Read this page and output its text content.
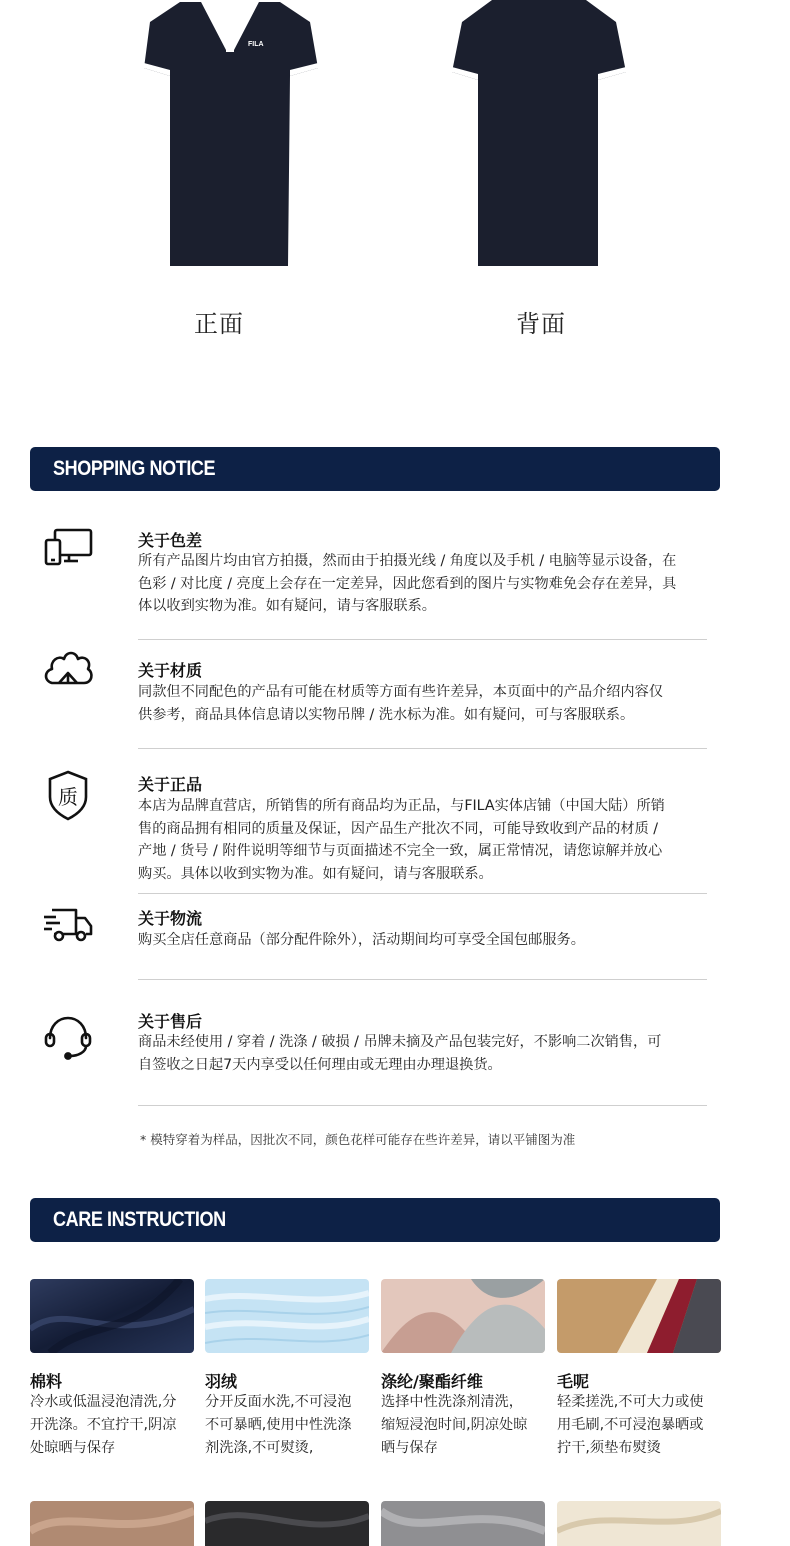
FILA
正面	背面
SHOPPING NOTICE
关于色差
所有产品图片均由官方拍摄，然而由于拍摄光线 / 角度以及手机 / 电脑等显示设备，在
色彩 / 对比度 / 亮度上会存在一定差异，因此您看到的图片与实物难免会存在差异，具
体以收到实物为准。如有疑问，请与客服联系。
关于材质
同款但不同配色的产品有可能在材质等方面有些许差异，本页面中的产品介绍内容仅
供参考，商品具体信息请以实物吊牌 / 洗水标为准。如有疑问，可与客服联系。
质
关于正品
本店为品牌直营店，所销售的所有商品均为正品，与FILA实体店铺（中国大陆）所销
售的商品拥有相同的质量及保证，因产品生产批次不同，可能导致收到产品的材质 /
产地 / 货号 / 附件说明等细节与页面描述不完全一致，属正常情况，请您谅解并放心
购买。具体以收到实物为准。如有疑问，请与客服联系。
关于物流
购买全店任意商品（部分配件除外），活动期间均可享受全国包邮服务。
关于售后
商品未经使用 / 穿着 / 洗涤 / 破损 / 吊牌未摘及产品包装完好，不影响二次销售，可
自签收之日起7天内享受以任何理由或无理由办理退换货。
* 模特穿着为样品，因批次不同，颜色花样可能存在些许差异，请以平铺图为准
CARE INSTRUCTION
棉料
冷水或低温浸泡清洗,分
开洗涤。不宜拧干,阴凉
处晾晒与保存
羽绒
分开反面水洗,不可浸泡
不可暴晒,使用中性洗涤
剂洗涤,不可熨烫,
涤纶/聚酯纤维
选择中性洗涤剂清洗，
缩短浸泡时间,阴凉处晾
晒与保存
毛呢
轻柔搓洗,不可大力或使
用毛刷,不可浸泡暴晒或
拧干,须垫布熨烫
